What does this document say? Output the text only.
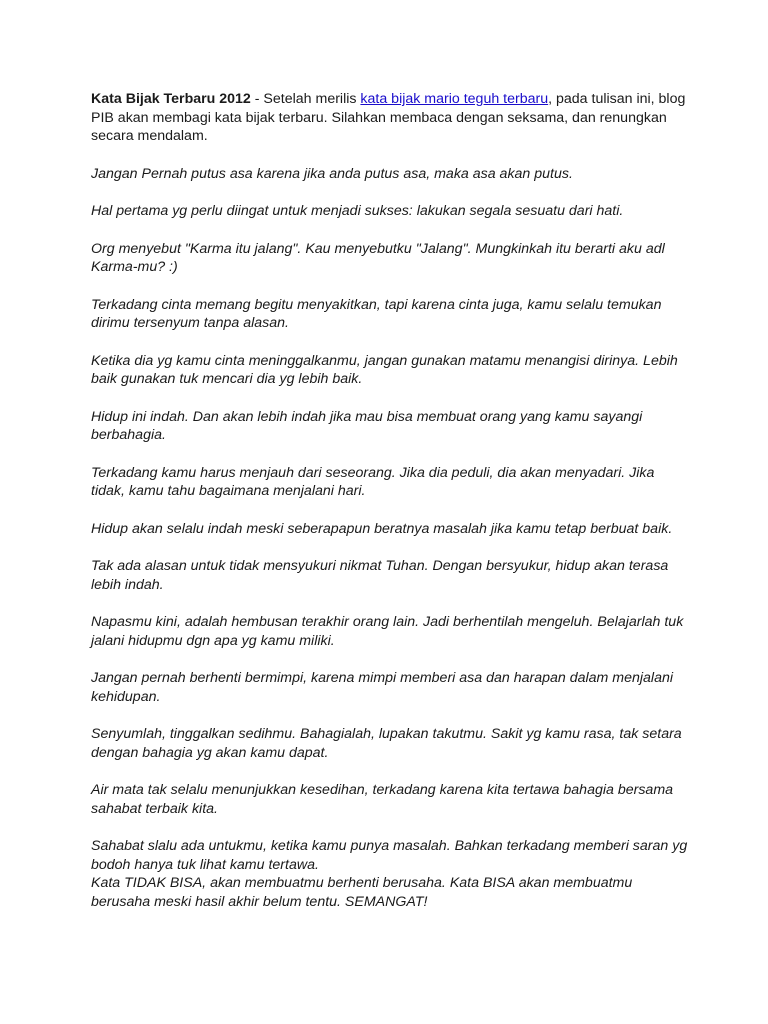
Kata Bijak Terbaru 2012 - Setelah merilis kata bijak mario teguh terbaru, pada tulisan ini, blog PIB akan membagi kata bijak terbaru. Silahkan membaca dengan seksama, dan renungkan secara mendalam.

Jangan Pernah putus asa karena jika anda putus asa, maka asa akan putus.

Hal pertama yg perlu diingat untuk menjadi sukses: lakukan segala sesuatu dari hati.

Org menyebut "Karma itu jalang". Kau menyebutku "Jalang". Mungkinkah itu berarti aku adl Karma-mu? :)

Terkadang cinta memang begitu menyakitkan, tapi karena cinta juga, kamu selalu temukan dirimu tersenyum tanpa alasan.

Ketika dia yg kamu cinta meninggalkanmu, jangan gunakan matamu menangisi dirinya. Lebih baik gunakan tuk mencari dia yg lebih baik.

Hidup ini indah. Dan akan lebih indah jika mau bisa membuat orang yang kamu sayangi berbahagia.

Terkadang kamu harus menjauh dari seseorang. Jika dia peduli, dia akan menyadari. Jika tidak, kamu tahu bagaimana menjalani hari.

Hidup akan selalu indah meski seberapapun beratnya masalah jika kamu tetap berbuat baik.

Tak ada alasan untuk tidak mensyukuri nikmat Tuhan. Dengan bersyukur, hidup akan terasa lebih indah.

Napasmu kini, adalah hembusan terakhir orang lain. Jadi berhentilah mengeluh. Belajarlah tuk jalani hidupmu dgn apa yg kamu miliki.

Jangan pernah berhenti bermimpi, karena mimpi memberi asa dan harapan dalam menjalani kehidupan.

Senyumlah, tinggalkan sedihmu. Bahagialah, lupakan takutmu. Sakit yg kamu rasa, tak setara dengan bahagia yg akan kamu dapat.

Air mata tak selalu menunjukkan kesedihan, terkadang karena kita tertawa bahagia bersama sahabat terbaik kita.

Sahabat slalu ada untukmu, ketika kamu punya masalah. Bahkan terkadang memberi saran yg bodoh hanya tuk lihat kamu tertawa.

Kata TIDAK BISA, akan membuatmu berhenti berusaha. Kata BISA akan membuatmu berusaha meski hasil akhir belum tentu. SEMANGAT!
